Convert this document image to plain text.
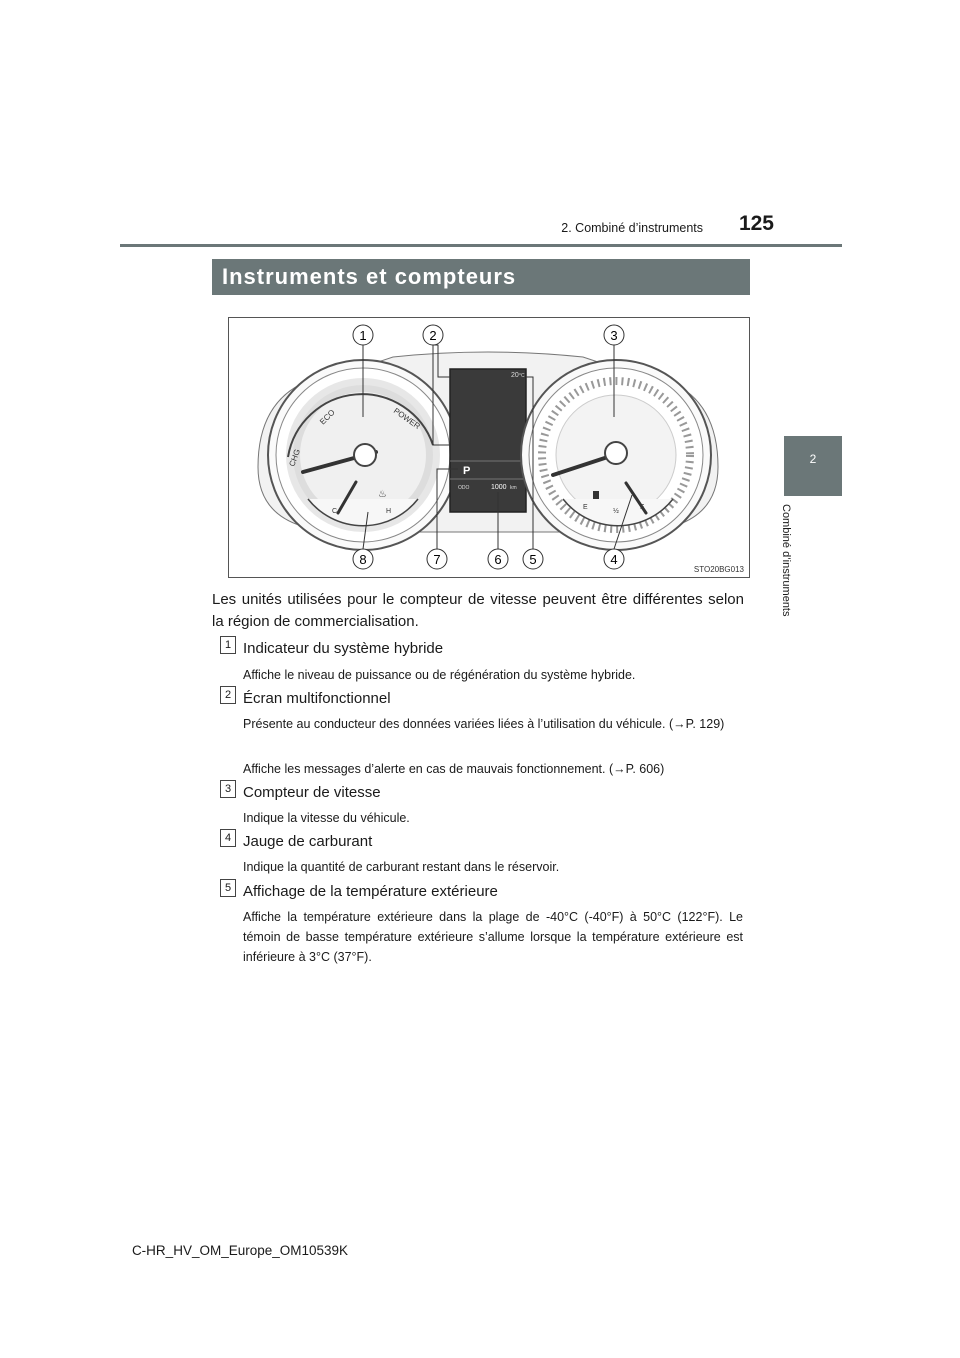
2. Combiné d’instruments	125
2
Combiné d’instruments
Instruments et compteurs
CHG
ECO	POWER
C	H
♨
20 °C
P
ODO	1000 km
E
½
F
1	2	3
4
5
6
7
8
STO20BG013
Les unités utilisées pour le compteur de vitesse peuvent être différentes selon la région de commercialisation.
1 Indicateur du système hybride
Affiche le niveau de puissance ou de régénération du système hybride.
2 Écran multifonctionnel
Présente au conducteur des données variées liées à l’utilisation du véhicule. (→P. 129)
Affiche les messages d’alerte en cas de mauvais fonctionnement. (→P. 606)
3 Compteur de vitesse
Indique la vitesse du véhicule.
4 Jauge de carburant
Indique la quantité de carburant restant dans le réservoir.
5 Affichage de la température extérieure
Affiche la température extérieure dans la plage de -40°C (-40°F) à 50°C (122°F). Le témoin de basse température extérieure s’allume lorsque la température extérieure est inférieure à 3°C (37°F).
C-HR_HV_OM_Europe_OM10539K
